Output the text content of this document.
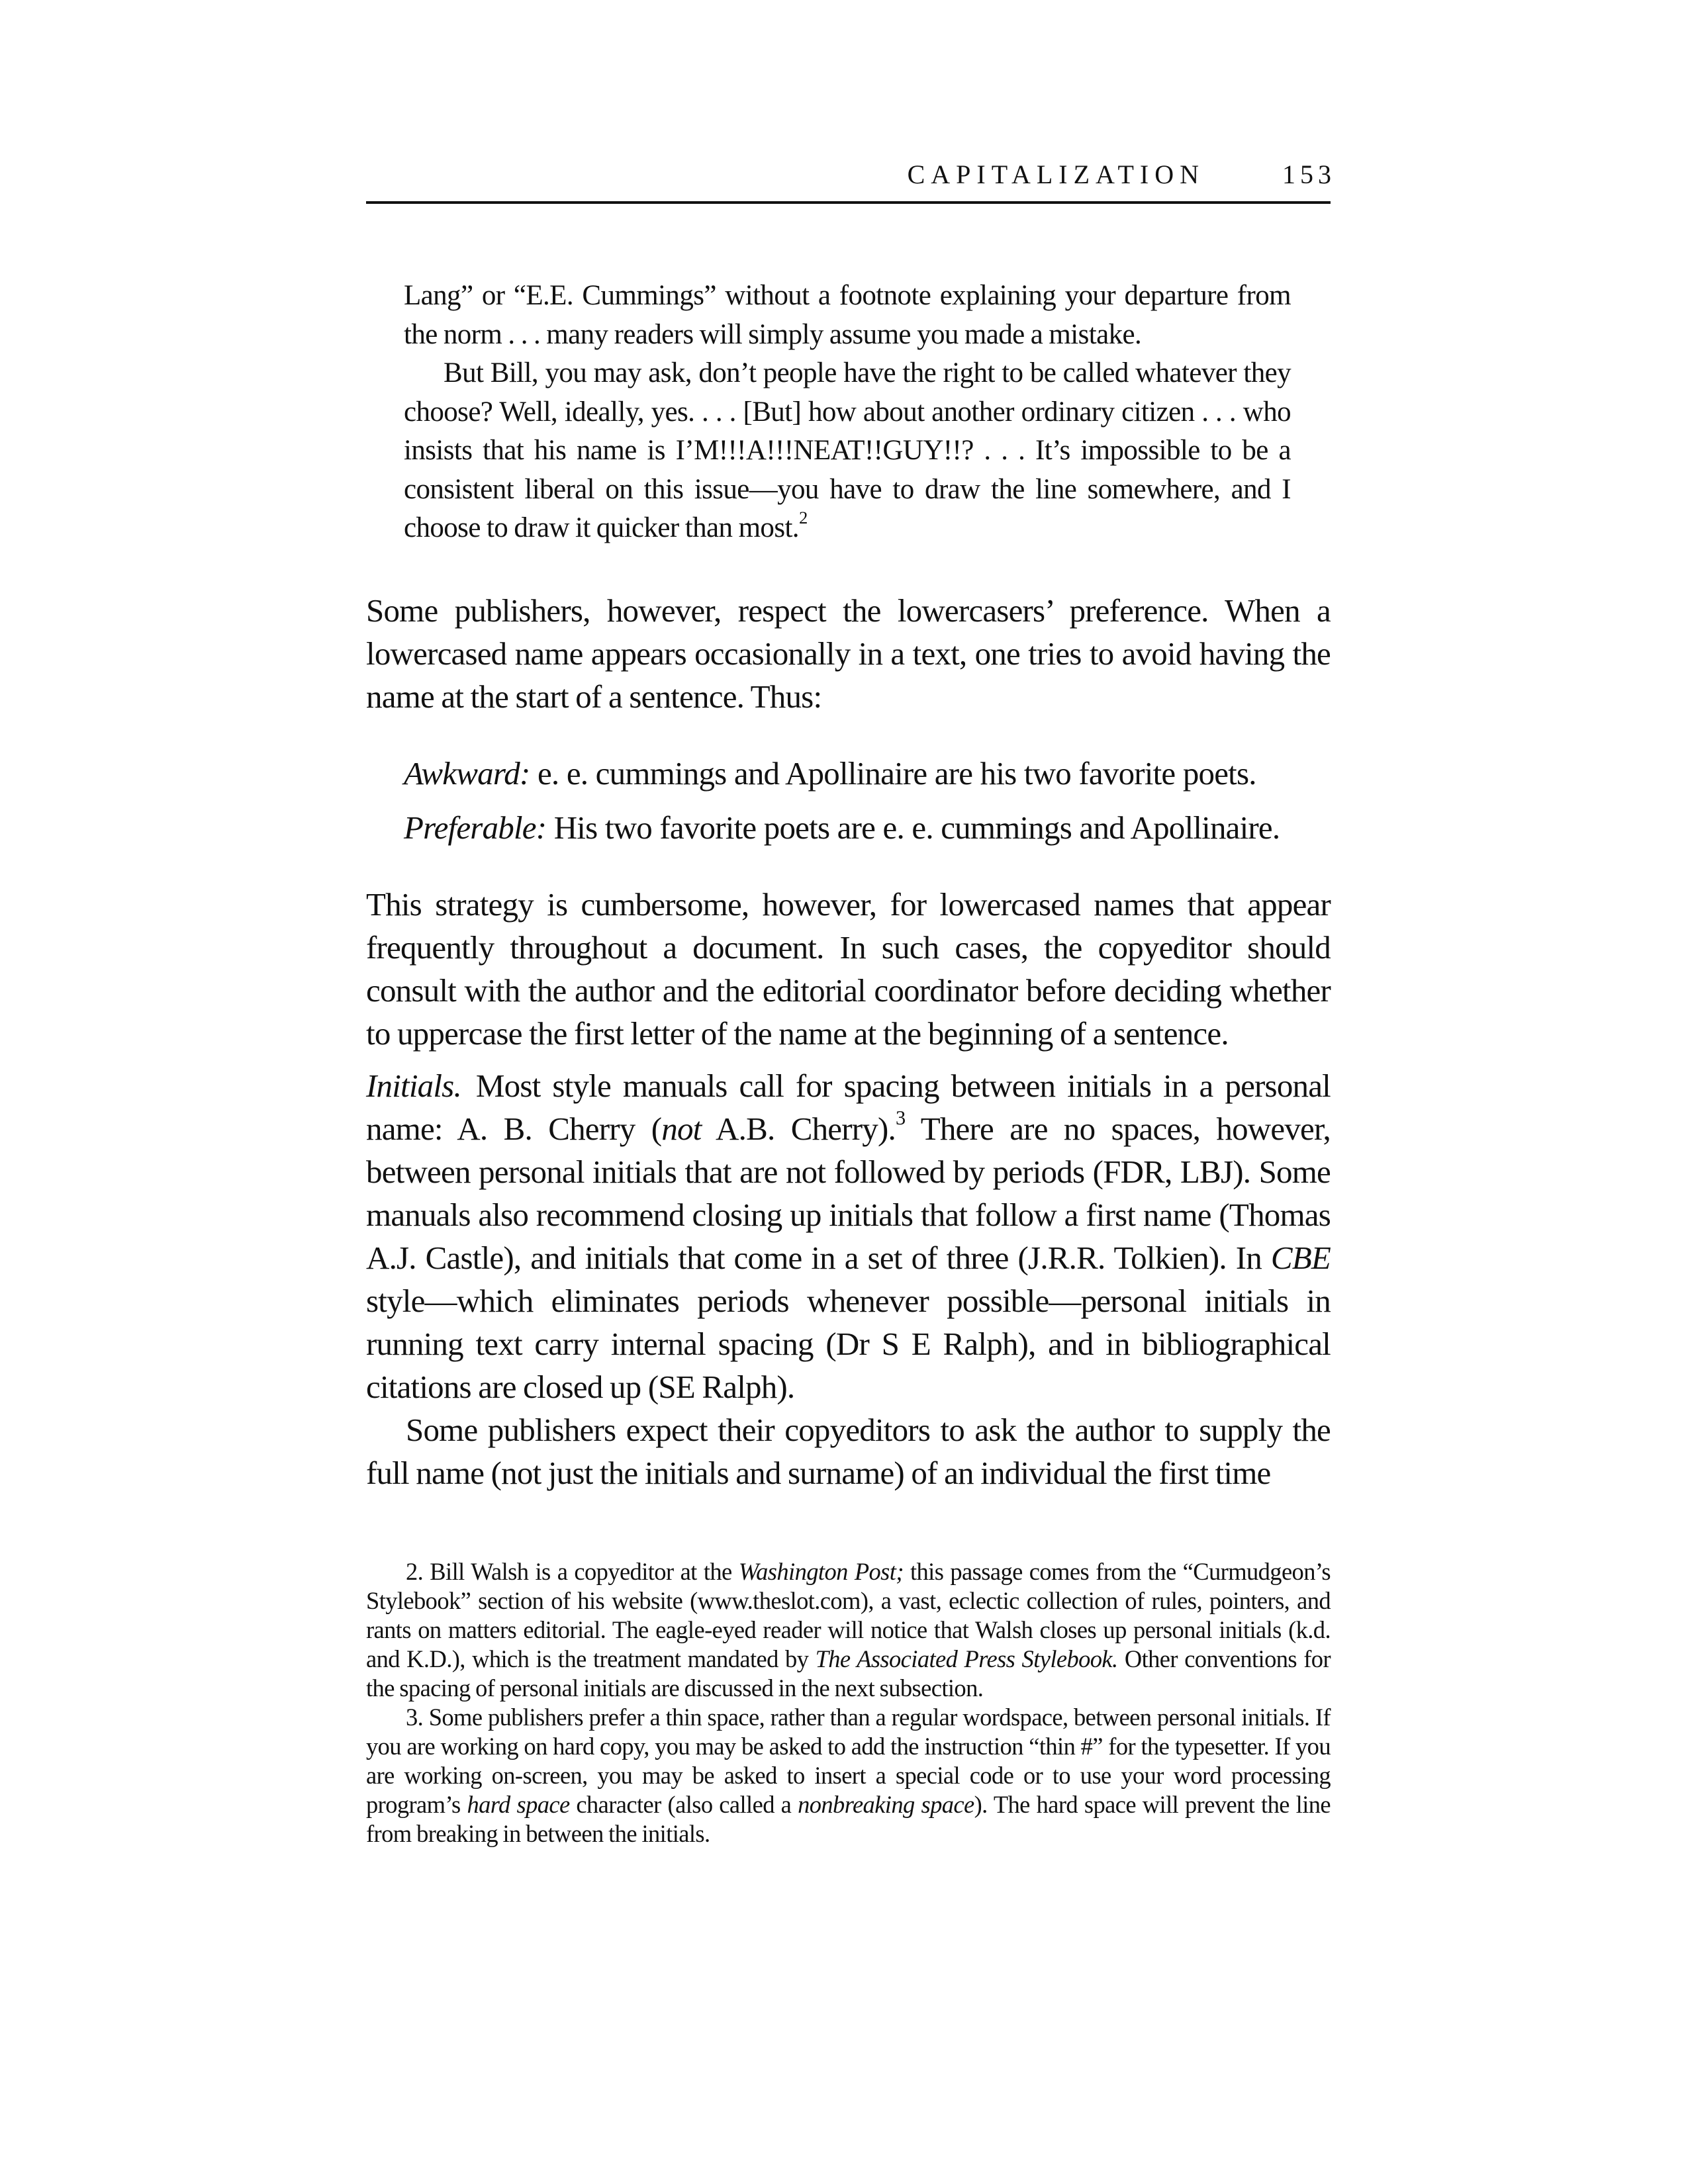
CAPITALIZATION	153

Lang” or “E.E. Cummings” without a footnote explaining your departure from the norm . . . many readers will simply assume you made a mistake.

But Bill, you may ask, don’t people have the right to be called whatever they choose? Well, ideally, yes. . . . [But] how about another ordinary citizen . . . who insists that his name is I’M!!!A!!!NEAT!!GUY!!? . . . It’s impossible to be a consistent liberal on this issue—you have to draw the line somewhere, and I choose to draw it quicker than most.$^2$

Some publishers, however, respect the lowercasers’ preference. When a lowercased name appears occasionally in a text, one tries to avoid having the name at the start of a sentence. Thus:

Awkward: e. e. cummings and Apollinaire are his two favorite poets.

Preferable: His two favorite poets are e. e. cummings and Apollinaire.

This strategy is cumbersome, however, for lowercased names that appear frequently throughout a document. In such cases, the copyeditor should consult with the author and the editorial coordinator before deciding whether to uppercase the first letter of the name at the beginning of a sentence.

Initials. Most style manuals call for spacing between initials in a personal name: A. B. Cherry (not A.B. Cherry).$^3$ There are no spaces, however, between personal initials that are not followed by periods (FDR, LBJ). Some manuals also recommend closing up initials that follow a first name (Thomas A.J. Castle), and initials that come in a set of three (J.R.R. Tolkien). In CBE style—which eliminates periods whenever possible—personal initials in running text carry internal spacing (Dr S E Ralph), and in bibliographical citations are closed up (SE Ralph).

Some publishers expect their copyeditors to ask the author to supply the full name (not just the initials and surname) of an individual the first time

2. Bill Walsh is a copyeditor at the Washington Post; this passage comes from the “Curmudgeon’s Stylebook” section of his website (www.theslot.com), a vast, eclectic collection of rules, pointers, and rants on matters editorial. The eagle-eyed reader will notice that Walsh closes up personal initials (k.d. and K.D.), which is the treatment mandated by The Associated Press Stylebook. Other conventions for the spacing of personal initials are discussed in the next subsection.

3. Some publishers prefer a thin space, rather than a regular wordspace, between personal initials. If you are working on hard copy, you may be asked to add the instruction “thin #” for the typesetter. If you are working on-screen, you may be asked to insert a special code or to use your word processing program’s hard space character (also called a nonbreaking space). The hard space will prevent the line from breaking in between the initials.
